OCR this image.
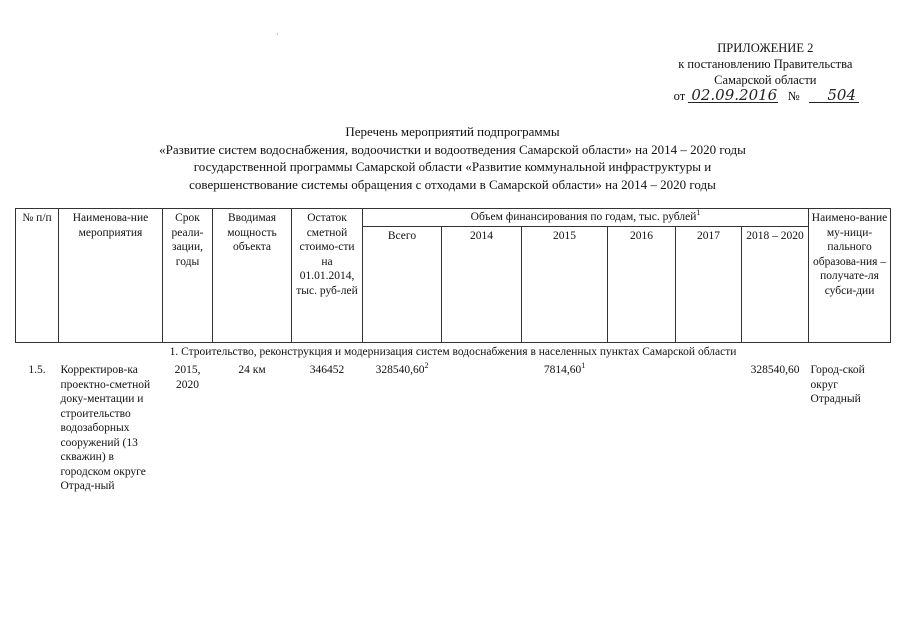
·
ПРИЛОЖЕНИЕ 2
к постановлению Правительства
Самарской области
от 02.09.2016 № 504
Перечень мероприятий подпрограммы
«Развитие систем водоснабжения, водоочистки и водоотведения Самарской области» на 2014 – 2020 годы
государственной программы Самарской области «Развитие коммунальной инфраструктуры и
совершенствование системы обращения с отходами в Самарской области» на 2014 – 2020 годы
№ п/п	Наименова-ние мероприятия	Срок реали-зации, годы	Вводимая мощность объекта	Остаток сметной стоимо-сти на 01.01.2014, тыс. руб-лей	Объем финансирования по годам, тыс. рублей$^1$						Наимено-вание му-ници-пального образова-ния – получате-ля субси-дии
					Всего	2014	2015	2016	2017	2018 – 2020	
1. Строительство, реконструкция и модернизация систем водоснабжения в населенных пунктах Самарской области											
1.5.	Корректиров-ка проектно-сметной доку-ментации и строительство водозаборных сооружений (13 скважин) в городском округе Отрад-ный	2015, 2020	24 км	346452	328540,60$^2$		7814,60$^1$			328540,60	Город-ской округ Отрадный
